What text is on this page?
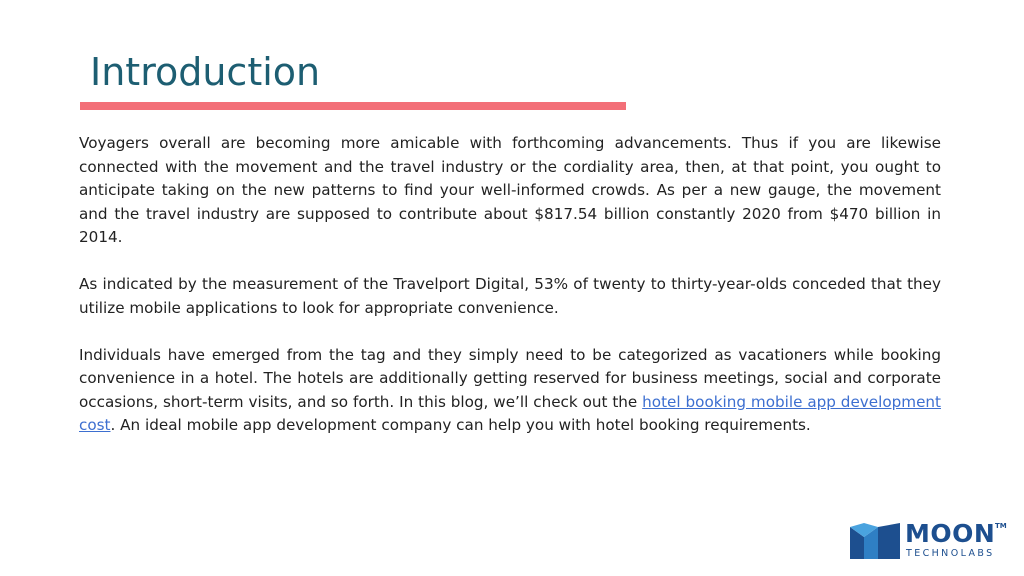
Introduction

Voyagers overall are becoming more amicable with forthcoming advancements. Thus if you are likewise connected with the movement and the travel industry or the cordiality area, then, at that point, you ought to anticipate taking on the new patterns to find your well-informed crowds. As per a new gauge, the movement and the travel industry are supposed to contribute about $817.54 billion constantly 2020 from $470 billion in 2014.

As indicated by the measurement of the Travelport Digital, 53% of twenty to thirty-year-olds conceded that they utilize mobile applications to look for appropriate convenience.

Individuals have emerged from the tag and they simply need to be categorized as vacationers while booking convenience in a hotel. The hotels are additionally getting reserved for business meetings, social and corporate occasions, short-term visits, and so forth. In this blog, we’ll check out the hotel booking mobile app development cost. An ideal mobile app development company can help you with hotel booking requirements.

MOON TM
TECHNOLABS
